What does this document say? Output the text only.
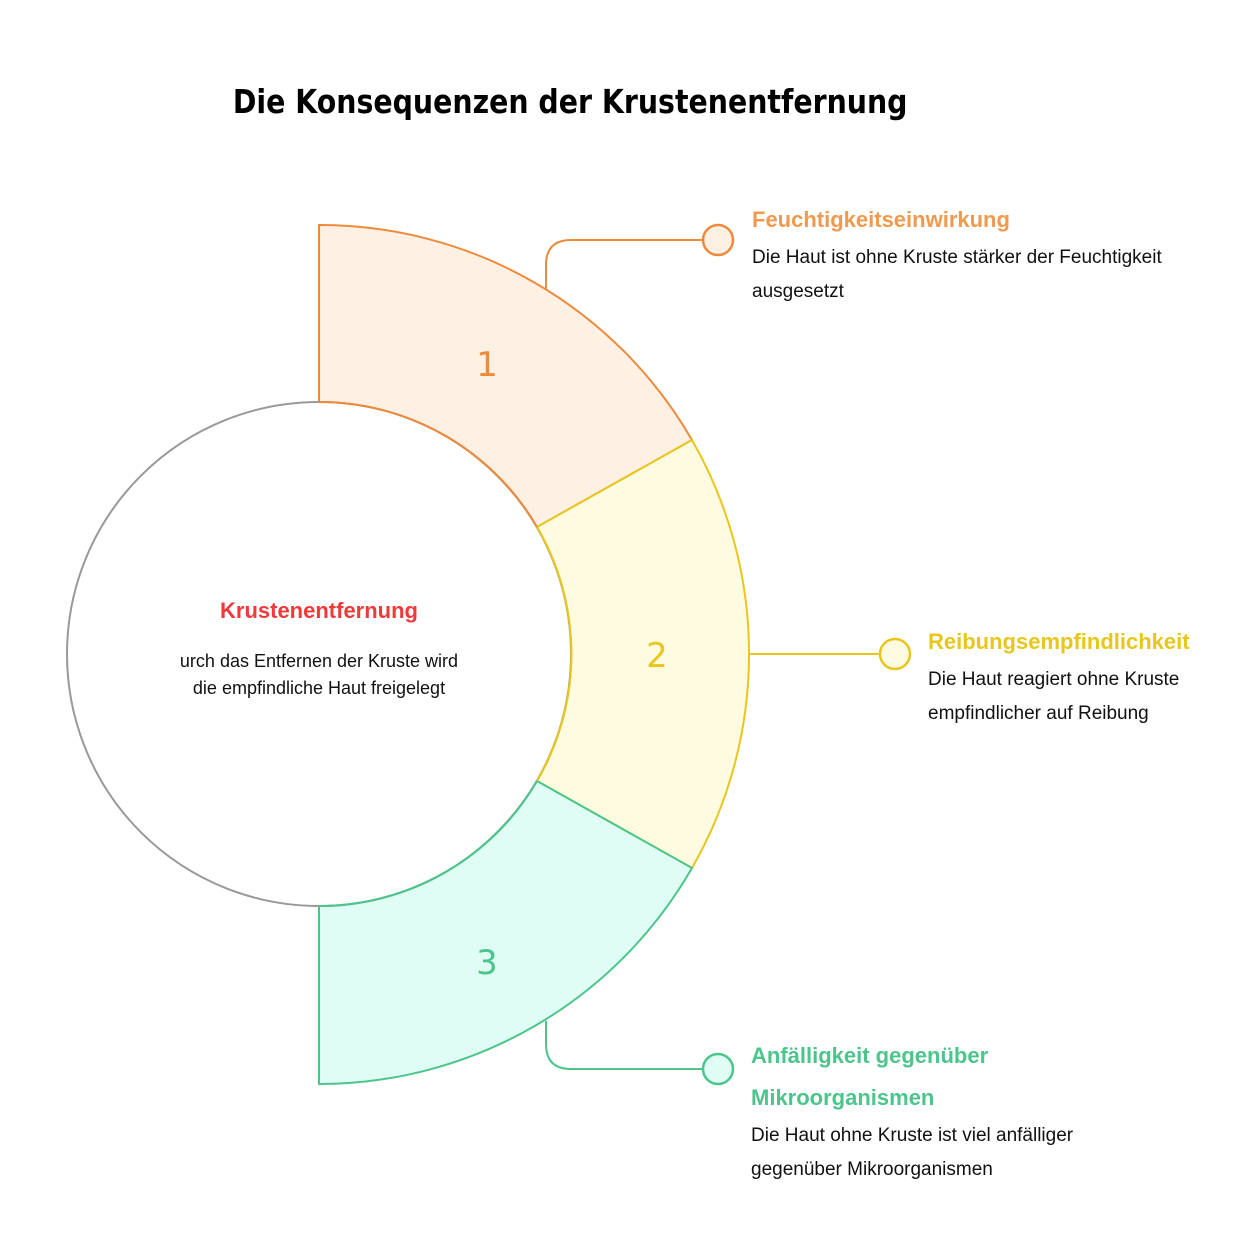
Die Konsequenzen der Krustenentfernung
1
2
3
Krustenentfernung
urch das Entfernen der Kruste wird
die empfindliche Haut freigelegt
Feuchtigkeitseinwirkung
Die Haut ist ohne Kruste stärker der Feuchtigkeit
ausgesetzt
Reibungsempfindlichkeit
Die Haut reagiert ohne Kruste
empfindlicher auf Reibung
Anfälligkeit gegenüber
Mikroorganismen
Die Haut ohne Kruste ist viel anfälliger
gegenüber Mikroorganismen
